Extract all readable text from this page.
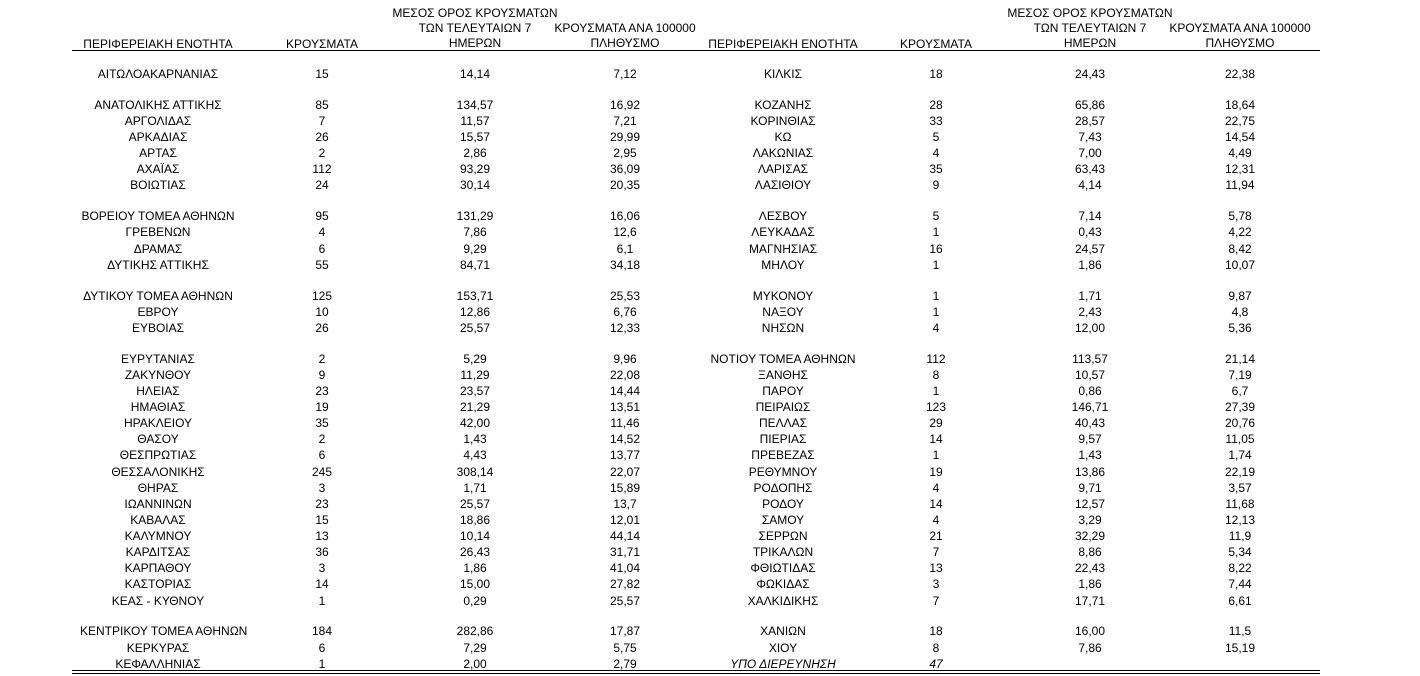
ΠΕΡΙΦΕΡΕΙΑΚΗ ΕΝΟΤΗΤΑ	ΚΡΟΥΣΜΑΤΑ
ΜΕΣΟΣ ΟΡΟΣ ΚΡΟΥΣΜΑΤΩΝ
ΤΩΝ ΤΕΛΕΥΤΑΙΩΝ 7
ΗΜΕΡΩΝ
ΚΡΟΥΣΜΑΤΑ ΑΝΑ 100000
ΠΛΗΘΥΣΜΟ	ΠΕΡΙΦΕΡΕΙΑΚΗ ΕΝΟΤΗΤΑ	ΚΡΟΥΣΜΑΤΑ
ΜΕΣΟΣ ΟΡΟΣ ΚΡΟΥΣΜΑΤΩΝ
ΤΩΝ ΤΕΛΕΥΤΑΙΩΝ 7
ΗΜΕΡΩΝ
ΚΡΟΥΣΜΑΤΑ ΑΝΑ 100000
ΠΛΗΘΥΣΜΟ
ΑΙΤΩΛΟΑΚΑΡΝΑΝΙΑΣ	15	14,14	7,12
ΑΝΑΤΟΛΙΚΗΣ ΑΤΤΙΚΗΣ	85	134,57	16,92
ΑΡΓΟΛΙΔΑΣ	7	11,57	7,21
ΑΡΚΑΔΙΑΣ	26	15,57	29,99
ΑΡΤΑΣ	2	2,86	2,95
ΑΧΑΪΑΣ	112	93,29	36,09
ΒΟΙΩΤΙΑΣ	24	30,14	20,35
ΒΟΡΕΙΟΥ ΤΟΜΕΑ ΑΘΗΝΩΝ	95	131,29	16,06
ΓΡΕΒΕΝΩΝ	4	7,86	12,6
ΔΡΑΜΑΣ	6	9,29	6,1
ΔΥΤΙΚΗΣ ΑΤΤΙΚΗΣ	55	84,71	34,18
ΔΥΤΙΚΟΥ ΤΟΜΕΑ ΑΘΗΝΩΝ	125	153,71	25,53
ΕΒΡΟΥ	10	12,86	6,76
ΕΥΒΟΙΑΣ	26	25,57	12,33
ΕΥΡΥΤΑΝΙΑΣ	2	5,29	9,96
ΖΑΚΥΝΘΟΥ	9	11,29	22,08
ΗΛΕΙΑΣ	23	23,57	14,44
ΗΜΑΘΙΑΣ	19	21,29	13,51
ΗΡΑΚΛΕΙΟΥ	35	42,00	11,46
ΘΑΣΟΥ	2	1,43	14,52
ΘΕΣΠΡΩΤΙΑΣ	6	4,43	13,77
ΘΕΣΣΑΛΟΝΙΚΗΣ	245	308,14	22,07
ΘΗΡΑΣ	3	1,71	15,89
ΙΩΑΝΝΙΝΩΝ	23	25,57	13,7
ΚΑΒΑΛΑΣ	15	18,86	12,01
ΚΑΛΥΜΝΟΥ	13	10,14	44,14
ΚΑΡΔΙΤΣΑΣ	36	26,43	31,71
ΚΑΡΠΑΘΟΥ	3	1,86	41,04
ΚΑΣΤΟΡΙΑΣ	14	15,00	27,82
ΚΕΑΣ - ΚΥΘΝΟΥ	1	0,29	25,57
ΚΕΝΤΡΙΚΟΥ ΤΟΜΕΑ ΑΘΗΝΩΝ	184	282,86	17,87
ΚΕΡΚΥΡΑΣ	6	7,29	5,75
ΚΕΦΑΛΛΗΝΙΑΣ	1	2,00	2,79
ΚΙΛΚΙΣ	18	24,43	22,38
ΚΟΖΑΝΗΣ	28	65,86	18,64
ΚΟΡΙΝΘΙΑΣ	33	28,57	22,75
ΚΩ	5	7,43	14,54
ΛΑΚΩΝΙΑΣ	4	7,00	4,49
ΛΑΡΙΣΑΣ	35	63,43	12,31
ΛΑΣΙΘΙΟΥ	9	4,14	11,94
ΛΕΣΒΟΥ	5	7,14	5,78
ΛΕΥΚΑΔΑΣ	1	0,43	4,22
ΜΑΓΝΗΣΙΑΣ	16	24,57	8,42
ΜΗΛΟΥ	1	1,86	10,07
ΜΥΚΟΝΟΥ	1	1,71	9,87
ΝΑΞΟΥ	1	2,43	4,8
ΝΗΣΩΝ	4	12,00	5,36
ΝΟΤΙΟΥ ΤΟΜΕΑ ΑΘΗΝΩΝ	112	113,57	21,14
ΞΑΝΘΗΣ	8	10,57	7,19
ΠΑΡΟΥ	1	0,86	6,7
ΠΕΙΡΑΙΩΣ	123	146,71	27,39
ΠΕΛΛΑΣ	29	40,43	20,76
ΠΙΕΡΙΑΣ	14	9,57	11,05
ΠΡΕΒΕΖΑΣ	1	1,43	1,74
ΡΕΘΥΜΝΟΥ	19	13,86	22,19
ΡΟΔΟΠΗΣ	4	9,71	3,57
ΡΟΔΟΥ	14	12,57	11,68
ΣΑΜΟΥ	4	3,29	12,13
ΣΕΡΡΩΝ	21	32,29	11,9
ΤΡΙΚΑΛΩΝ	7	8,86	5,34
ΦΘΙΩΤΙΔΑΣ	13	22,43	8,22
ΦΩΚΙΔΑΣ	3	1,86	7,44
ΧΑΛΚΙΔΙΚΗΣ	7	17,71	6,61
ΧΑΝΙΩΝ	18	16,00	11,5
ΧΙΟΥ	8	7,86	15,19
ΥΠΟ ΔΙΕΡΕΥΝΗΣΗ	47
